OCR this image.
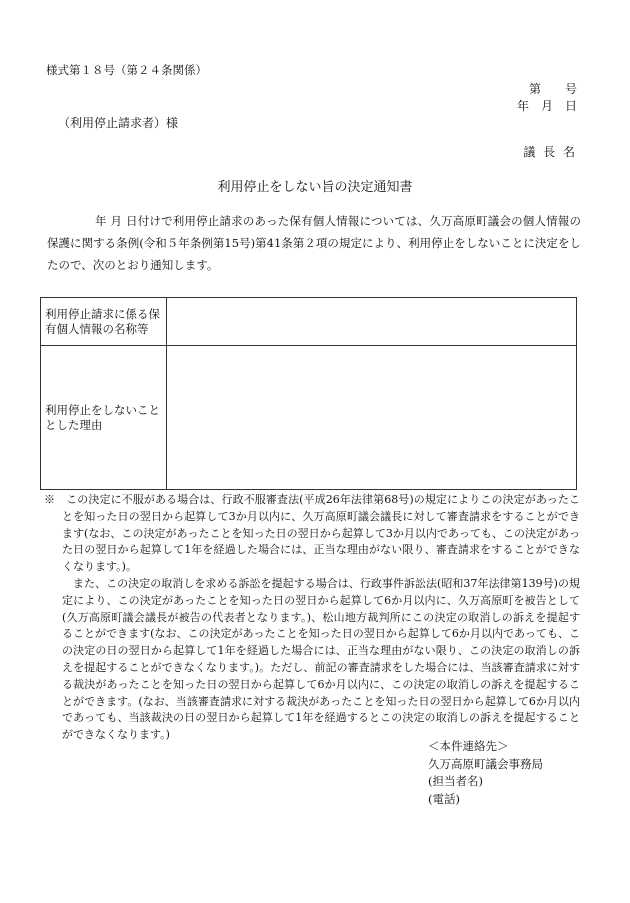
様式第１８号（第２４条関係）
第　　号
年　月　日
（利用停止請求者）様
議 長 名
利用停止をしない旨の決定通知書
年 月 日付けで利用停止請求のあった保有個人情報については、久万高原町議会の個人情報の保護に関する条例(令和５年条例第15号)第41条第２項の規定により、利用停止をしないことに決定をしたので、次のとおり通知します。
利用停止請求に係る保有個人情報の名称等	
利用停止をしないこととした理由	

※　この決定に不服がある場合は、行政不服審査法(平成26年法律第68号)の規定によりこの決定があったことを知った日の翌日から起算して3か月以内に、久万高原町議会議長に対して審査請求をすることができます(なお、この決定があったことを知った日の翌日から起算して3か月以内であっても、この決定があった日の翌日から起算して1年を経過した場合には、正当な理由がない限り、審査請求をすることができなくなります。)。

また、この決定の取消しを求める訴訟を提起する場合は、行政事件訴訟法(昭和37年法律第139号)の規定により、この決定があったことを知った日の翌日から起算して6か月以内に、久万高原町を被告として(久万高原町議会議長が被告の代表者となります。)、松山地方裁判所にこの決定の取消しの訴えを提起することができます(なお、この決定があったことを知った日の翌日から起算して6か月以内であっても、この決定の日の翌日から起算して1年を経過した場合には、正当な理由がない限り、この決定の取消しの訴えを提起することができなくなります。)。ただし、前記の審査請求をした場合には、当該審査請求に対する裁決があったことを知った日の翌日から起算して6か月以内に、この決定の取消しの訴えを提起することができます。(なお、当該審査請求に対する裁決があったことを知った日の翌日から起算して6か月以内であっても、当該裁決の日の翌日から起算して1年を経過するとこの決定の取消しの訴えを提起することができなくなります。)

＜本件連絡先＞
久万高原町議会事務局
(担当者名)
(電話)
